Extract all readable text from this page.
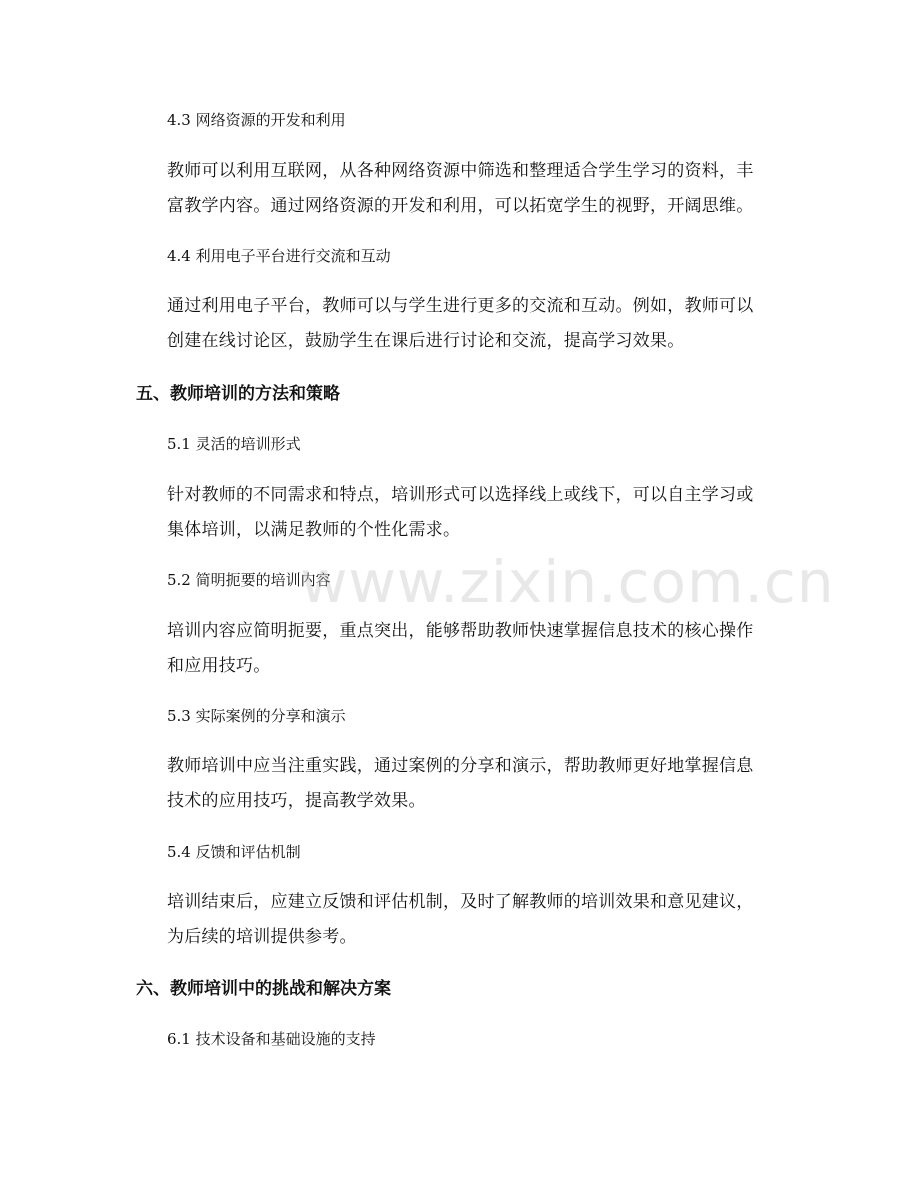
4.3 网络资源的开发和利用
教师可以利用互联网，从各种网络资源中筛选和整理适合学生学习的资料，丰
富教学内容。通过网络资源的开发和利用，可以拓宽学生的视野，开阔思维。
4.4 利用电子平台进行交流和互动
通过利用电子平台，教师可以与学生进行更多的交流和互动。例如，教师可以
创建在线讨论区，鼓励学生在课后进行讨论和交流，提高学习效果。
五、教师培训的方法和策略
5.1 灵活的培训形式
针对教师的不同需求和特点，培训形式可以选择线上或线下，可以自主学习或
集体培训，以满足教师的个性化需求。
5.2 简明扼要的培训内容
培训内容应简明扼要，重点突出，能够帮助教师快速掌握信息技术的核心操作
和应用技巧。
5.3 实际案例的分享和演示
教师培训中应当注重实践，通过案例的分享和演示，帮助教师更好地掌握信息
技术的应用技巧，提高教学效果。
5.4 反馈和评估机制
培训结束后，应建立反馈和评估机制，及时了解教师的培训效果和意见建议，
为后续的培训提供参考。
六、教师培训中的挑战和解决方案
6.1 技术设备和基础设施的支持
www.zixin.com.cn
